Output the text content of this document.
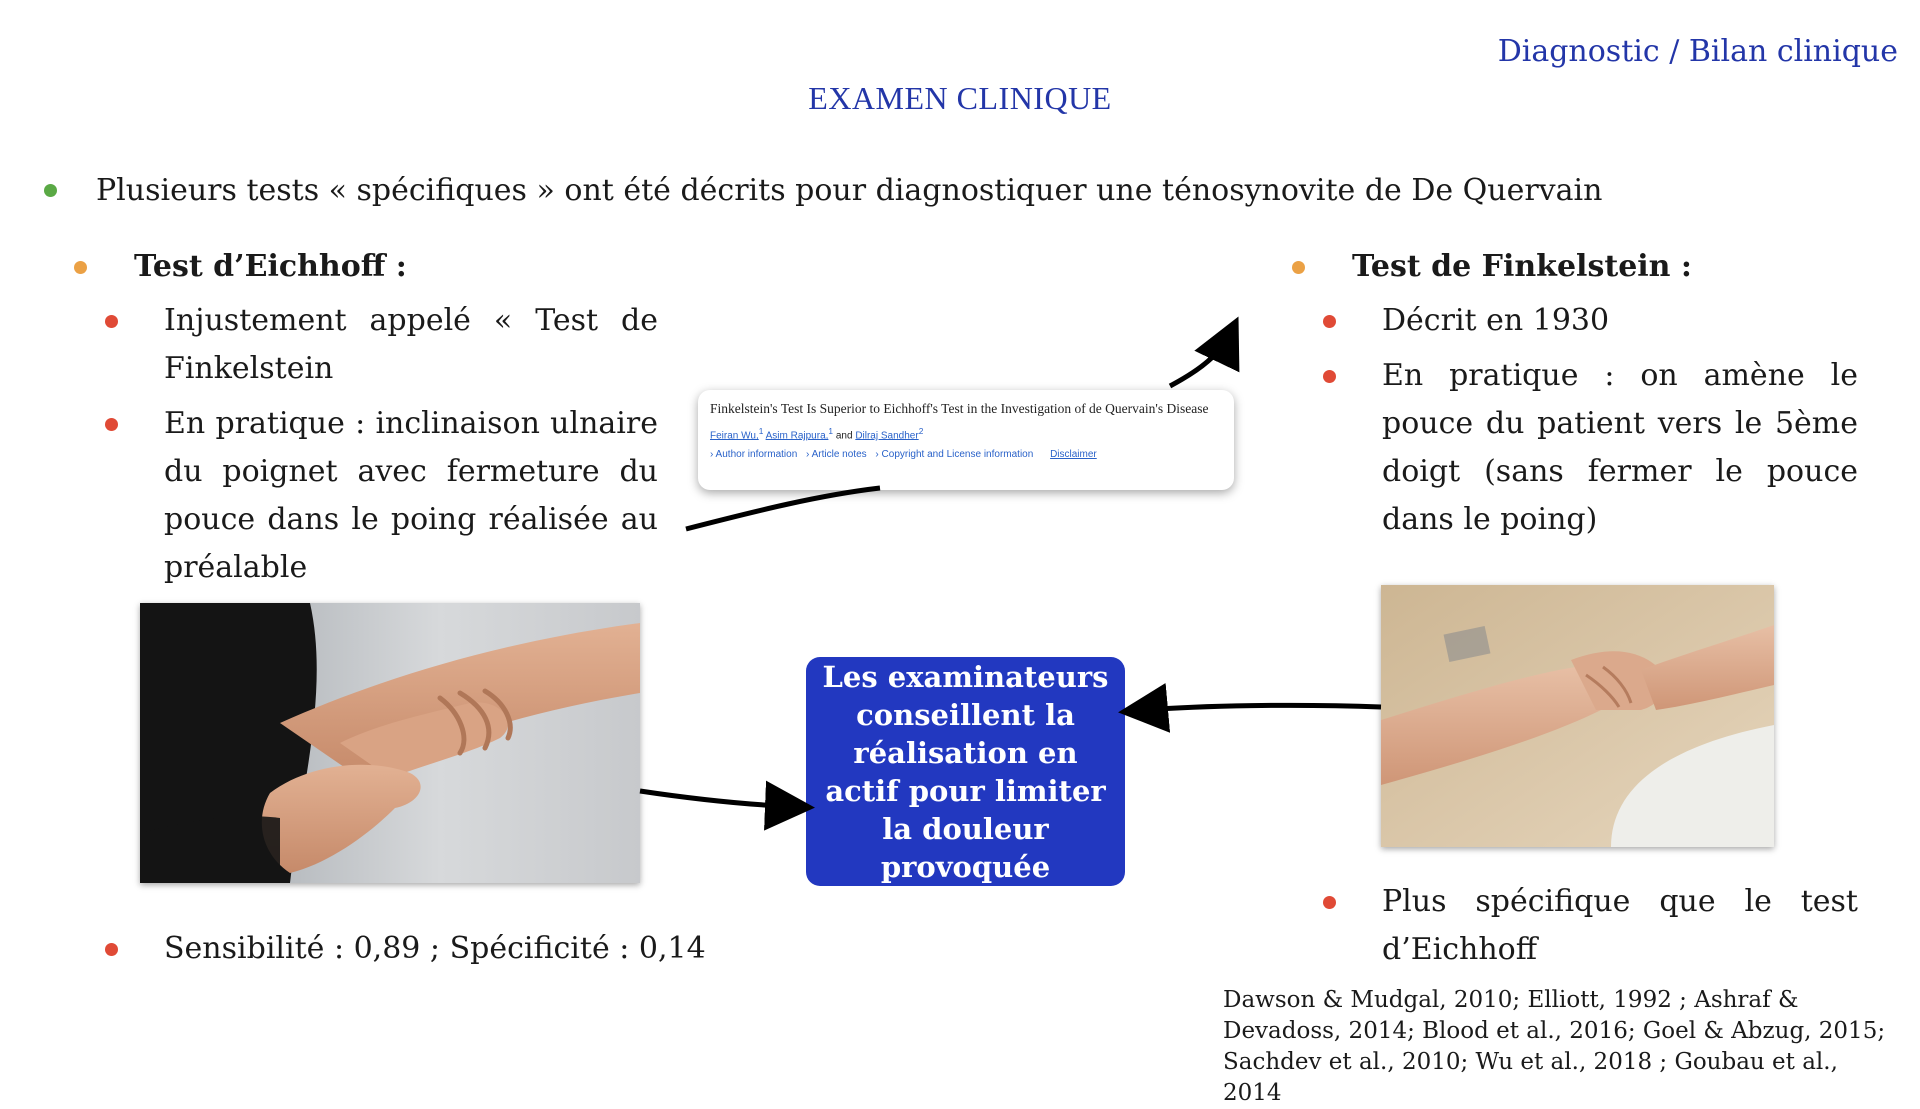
Diagnostic / Bilan clinique
EXAMEN CLINIQUE
Plusieurs tests « spécifiques » ont été décrits pour diagnostiquer une ténosynovite de De Quervain
Test d’Eichhoff :
Injustement appelé « Test de Finkelstein
En pratique : inclinaison ulnaire du poignet avec fermeture du pouce dans le poing réalisée au préalable
Sensibilité : 0,89 ; Spécificité : 0,14
Test de Finkelstein :
Décrit en 1930
En pratique : on amène le pouce du patient vers le 5ème doigt (sans fermer le pouce dans le poing)
Plus spécifique que le test d’Eichhoff
Finkelstein's Test Is Superior to Eichhoff's Test in the Investigation of de Quervain's Disease
Feiran Wu,$^1$ Asim Rajpura,$^1$ and Dilraj Sandher$^2$
› Author information › Article notes › Copyright and License information Disclaimer
Les examinateurs conseillent la réalisation en actif pour limiter la douleur provoquée
Dawson & Mudgal, 2010; Elliott, 1992 ; Ashraf & Devadoss, 2014; Blood et al., 2016; Goel & Abzug, 2015; Sachdev et al., 2010; Wu et al., 2018 ; Goubau et al., 2014
